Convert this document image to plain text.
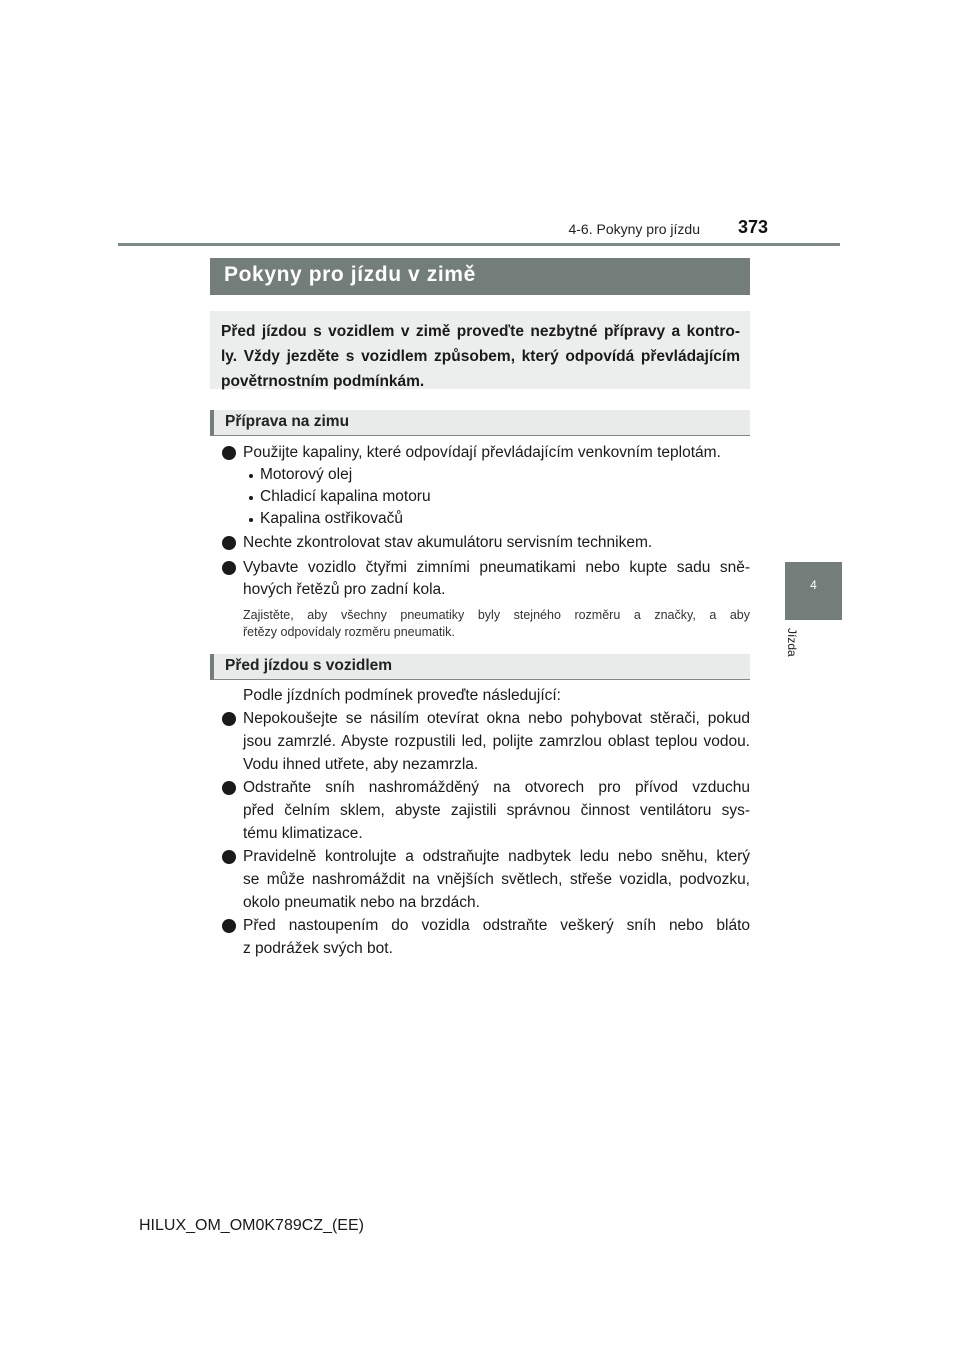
4-6. Pokyny pro jízdu 373
4
Jízda
Pokyny pro jízdu v zimě

Před jízdou s vozidlem v zimě proveďte nezbytné přípravy a kontro-

ly. Vždy jezděte s vozidlem způsobem, který odpovídá převládajícím

povětrnostním podmínkám.

Příprava na zimu
Použijte kapaliny, které odpovídají převládajícím venkovním teplotám.
Motorový olej
Chladicí kapalina motoru
Kapalina ostřikovačů
Nechte zkontrolovat stav akumulátoru servisním technikem.
Vybavte vozidlo čtyřmi zimními pneumatikami nebo kupte sadu sně-
hových řetězů pro zadní kola.
Zajistěte, aby všechny pneumatiky byly stejného rozměru a značky, a aby
řetězy odpovídaly rozměru pneumatik.
Před jízdou s vozidlem
Podle jízdních podmínek proveďte následující:
Nepokoušejte se násilím otevírat okna nebo pohybovat stěrači, pokud
jsou zamrzlé. Abyste rozpustili led, polijte zamrzlou oblast teplou vodou.
Vodu ihned utřete, aby nezamrzla.
Odstraňte sníh nashromážděný na otvorech pro přívod vzduchu
před čelním sklem, abyste zajistili správnou činnost ventilátoru sys-
tému klimatizace.
Pravidelně kontrolujte a odstraňujte nadbytek ledu nebo sněhu, který
se může nashromáždit na vnějších světlech, střeše vozidla, podvozku,
okolo pneumatik nebo na brzdách.
Před nastoupením do vozidla odstraňte veškerý sníh nebo bláto
z podrážek svých bot.
HILUX_OM_OM0K789CZ_(EE)
